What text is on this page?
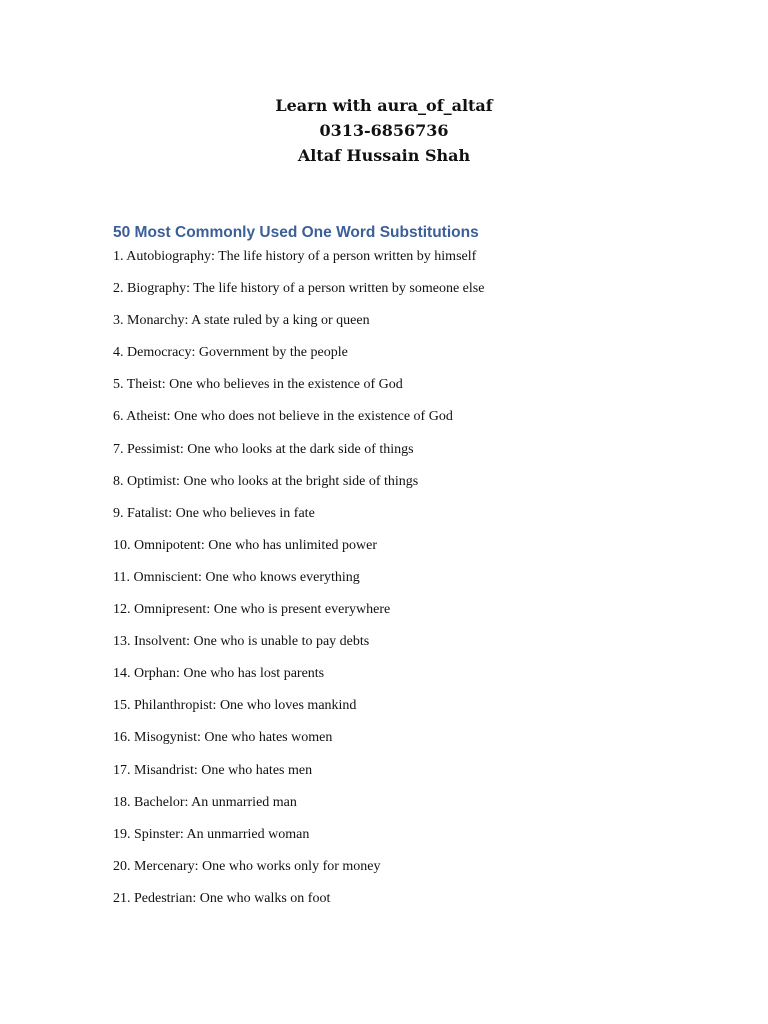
Learn with aura_of_altaf
0313-6856736
Altaf Hussain Shah
50 Most Commonly Used One Word Substitutions
1. Autobiography: The life history of a person written by himself
2. Biography: The life history of a person written by someone else
3. Monarchy: A state ruled by a king or queen
4. Democracy: Government by the people
5. Theist: One who believes in the existence of God
6. Atheist: One who does not believe in the existence of God
7. Pessimist: One who looks at the dark side of things
8. Optimist: One who looks at the bright side of things
9. Fatalist: One who believes in fate
10. Omnipotent: One who has unlimited power
11. Omniscient: One who knows everything
12. Omnipresent: One who is present everywhere
13. Insolvent: One who is unable to pay debts
14. Orphan: One who has lost parents
15. Philanthropist: One who loves mankind
16. Misogynist: One who hates women
17. Misandrist: One who hates men
18. Bachelor: An unmarried man
19. Spinster: An unmarried woman
20. Mercenary: One who works only for money
21. Pedestrian: One who walks on foot
